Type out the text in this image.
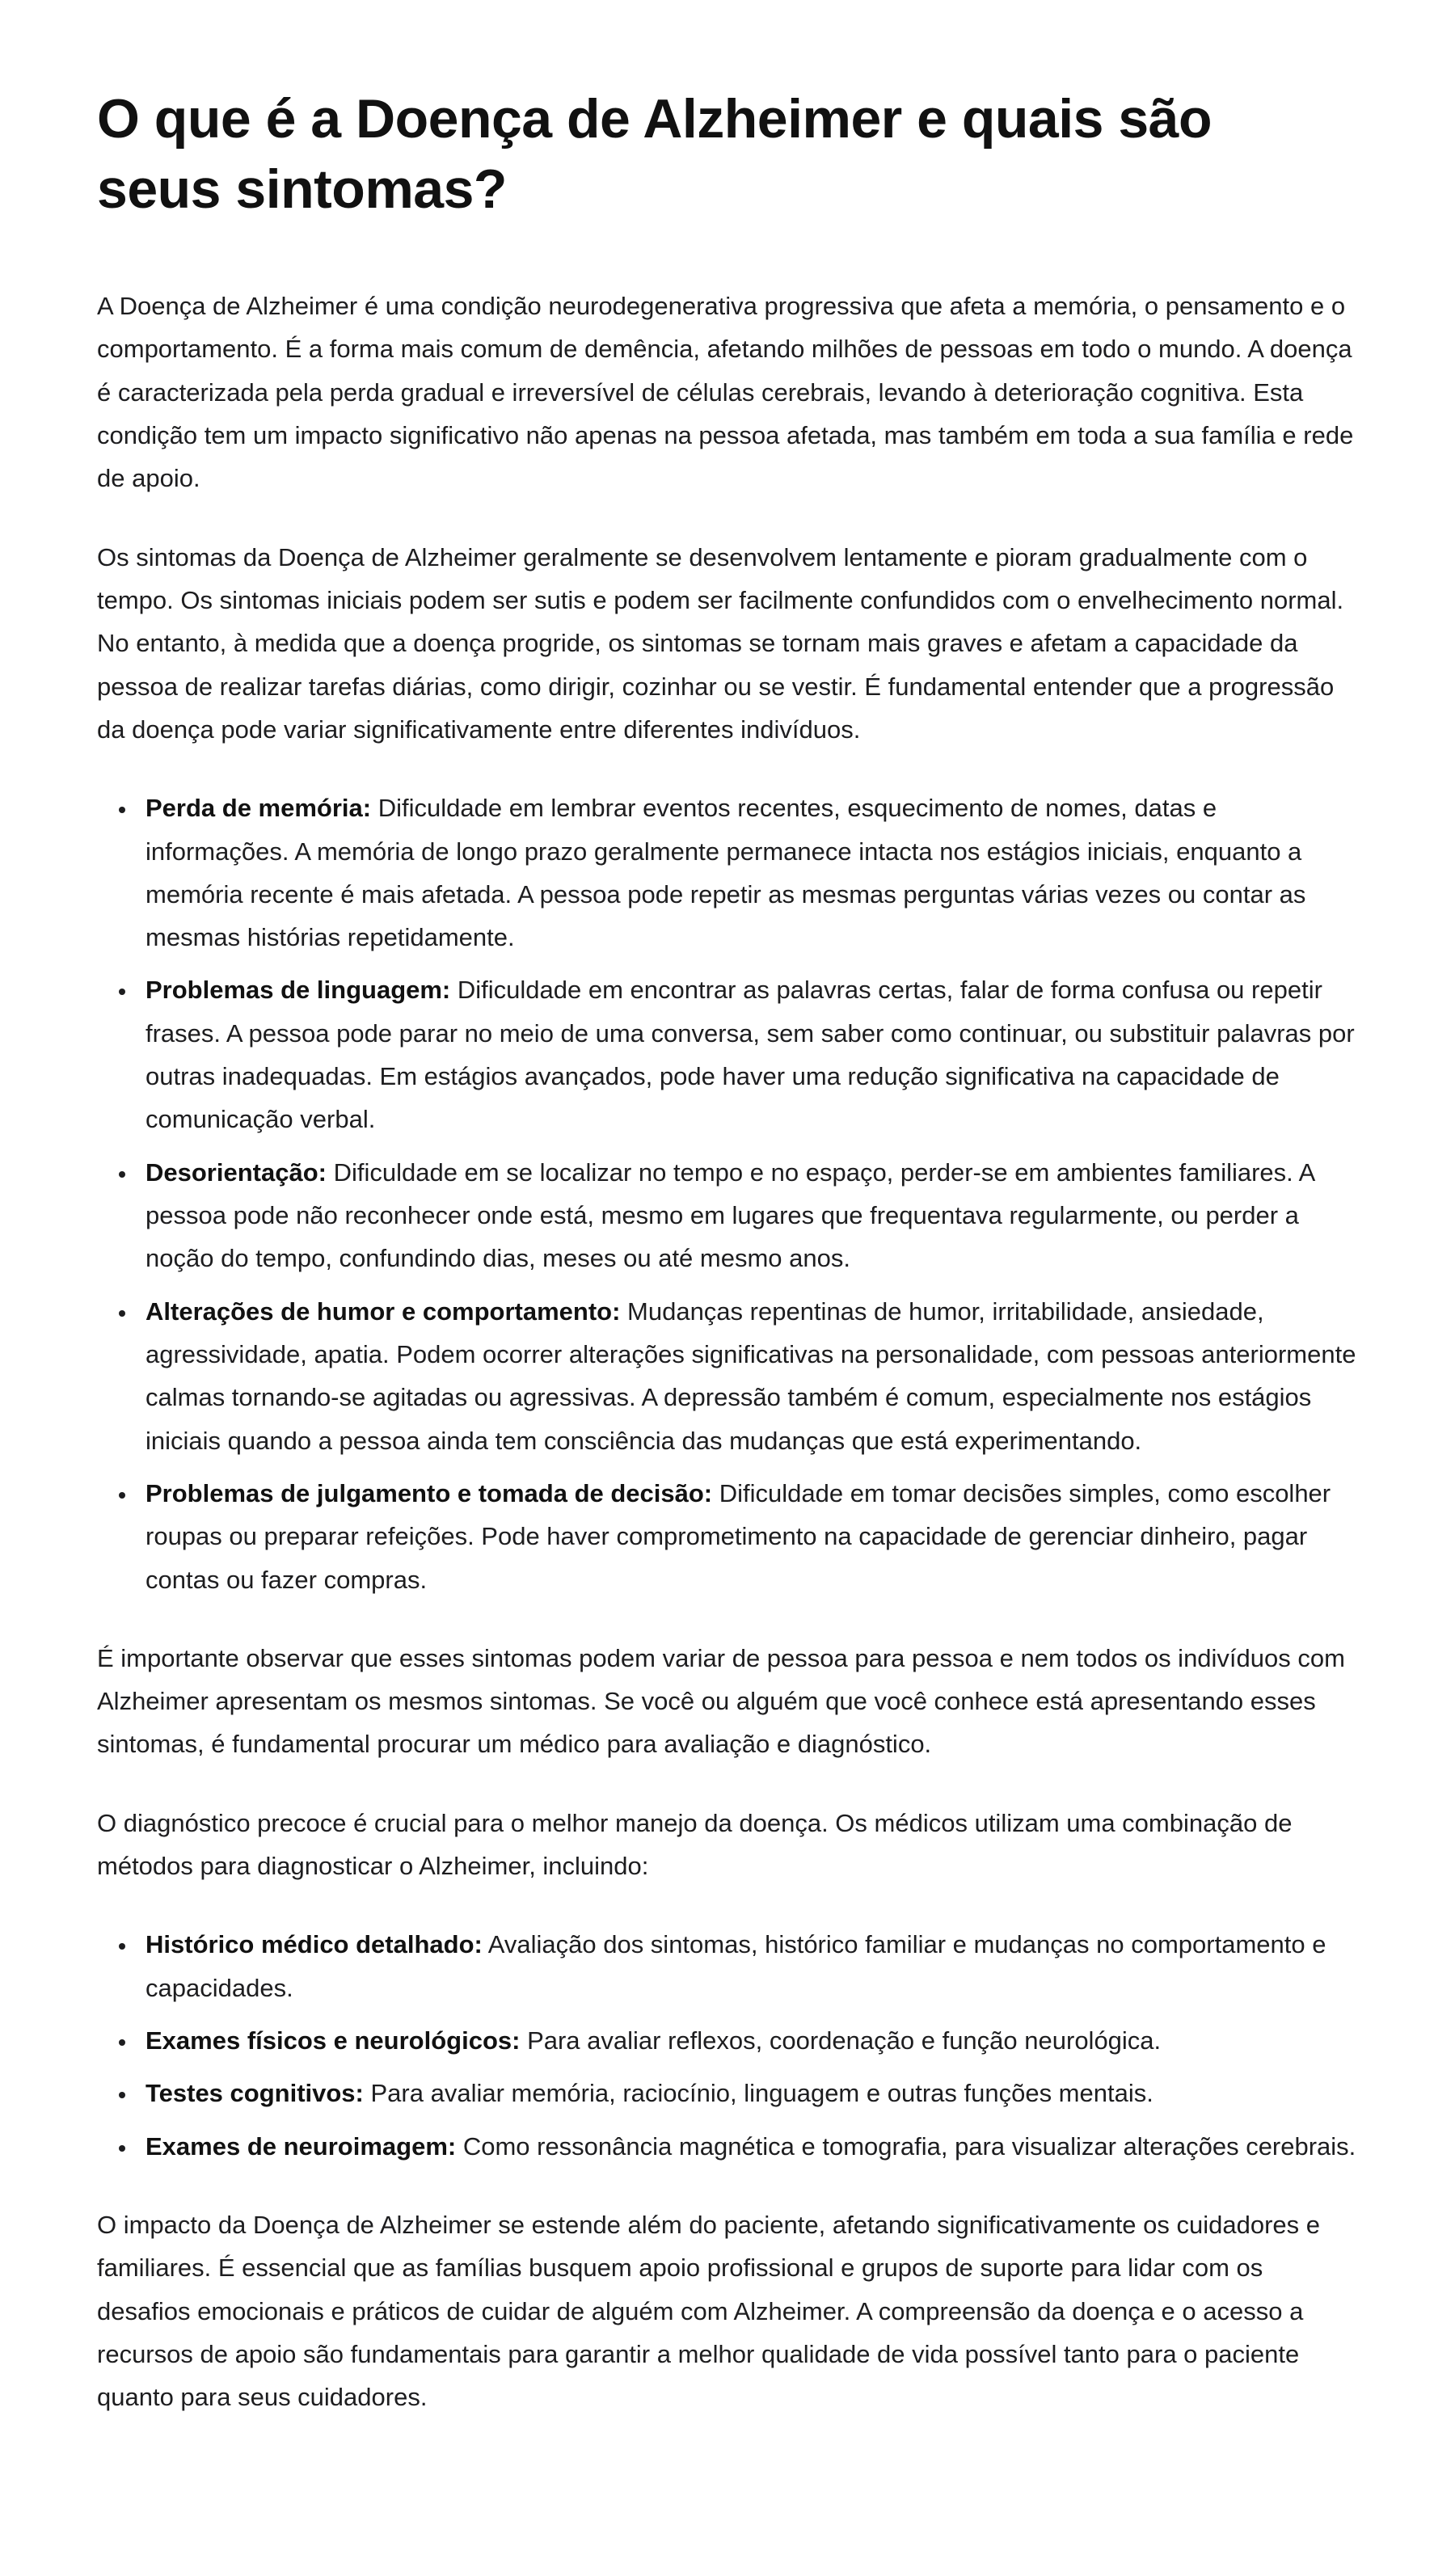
O que é a Doença de Alzheimer e quais são seus sintomas?

A Doença de Alzheimer é uma condição neurodegenerativa progressiva que afeta a memória, o pensamento e o comportamento. É a forma mais comum de demência, afetando milhões de pessoas em todo o mundo. A doença é caracterizada pela perda gradual e irreversível de células cerebrais, levando à deterioração cognitiva. Esta condição tem um impacto significativo não apenas na pessoa afetada, mas também em toda a sua família e rede de apoio.

Os sintomas da Doença de Alzheimer geralmente se desenvolvem lentamente e pioram gradualmente com o tempo. Os sintomas iniciais podem ser sutis e podem ser facilmente confundidos com o envelhecimento normal. No entanto, à medida que a doença progride, os sintomas se tornam mais graves e afetam a capacidade da pessoa de realizar tarefas diárias, como dirigir, cozinhar ou se vestir. É fundamental entender que a progressão da doença pode variar significativamente entre diferentes indivíduos.

• Perda de memória: Dificuldade em lembrar eventos recentes, esquecimento de nomes, datas e informações. A memória de longo prazo geralmente permanece intacta nos estágios iniciais, enquanto a memória recente é mais afetada. A pessoa pode repetir as mesmas perguntas várias vezes ou contar as mesmas histórias repetidamente.
• Problemas de linguagem: Dificuldade em encontrar as palavras certas, falar de forma confusa ou repetir frases. A pessoa pode parar no meio de uma conversa, sem saber como continuar, ou substituir palavras por outras inadequadas. Em estágios avançados, pode haver uma redução significativa na capacidade de comunicação verbal.
• Desorientação: Dificuldade em se localizar no tempo e no espaço, perder-se em ambientes familiares. A pessoa pode não reconhecer onde está, mesmo em lugares que frequentava regularmente, ou perder a noção do tempo, confundindo dias, meses ou até mesmo anos.
• Alterações de humor e comportamento: Mudanças repentinas de humor, irritabilidade, ansiedade, agressividade, apatia. Podem ocorrer alterações significativas na personalidade, com pessoas anteriormente calmas tornando-se agitadas ou agressivas. A depressão também é comum, especialmente nos estágios iniciais quando a pessoa ainda tem consciência das mudanças que está experimentando.
• Problemas de julgamento e tomada de decisão: Dificuldade em tomar decisões simples, como escolher roupas ou preparar refeições. Pode haver comprometimento na capacidade de gerenciar dinheiro, pagar contas ou fazer compras.

É importante observar que esses sintomas podem variar de pessoa para pessoa e nem todos os indivíduos com Alzheimer apresentam os mesmos sintomas. Se você ou alguém que você conhece está apresentando esses sintomas, é fundamental procurar um médico para avaliação e diagnóstico.

O diagnóstico precoce é crucial para o melhor manejo da doença. Os médicos utilizam uma combinação de métodos para diagnosticar o Alzheimer, incluindo:

• Histórico médico detalhado: Avaliação dos sintomas, histórico familiar e mudanças no comportamento e capacidades.
• Exames físicos e neurológicos: Para avaliar reflexos, coordenação e função neurológica.
• Testes cognitivos: Para avaliar memória, raciocínio, linguagem e outras funções mentais.
• Exames de neuroimagem: Como ressonância magnética e tomografia, para visualizar alterações cerebrais.

O impacto da Doença de Alzheimer se estende além do paciente, afetando significativamente os cuidadores e familiares. É essencial que as famílias busquem apoio profissional e grupos de suporte para lidar com os desafios emocionais e práticos de cuidar de alguém com Alzheimer. A compreensão da doença e o acesso a recursos de apoio são fundamentais para garantir a melhor qualidade de vida possível tanto para o paciente quanto para seus cuidadores.
